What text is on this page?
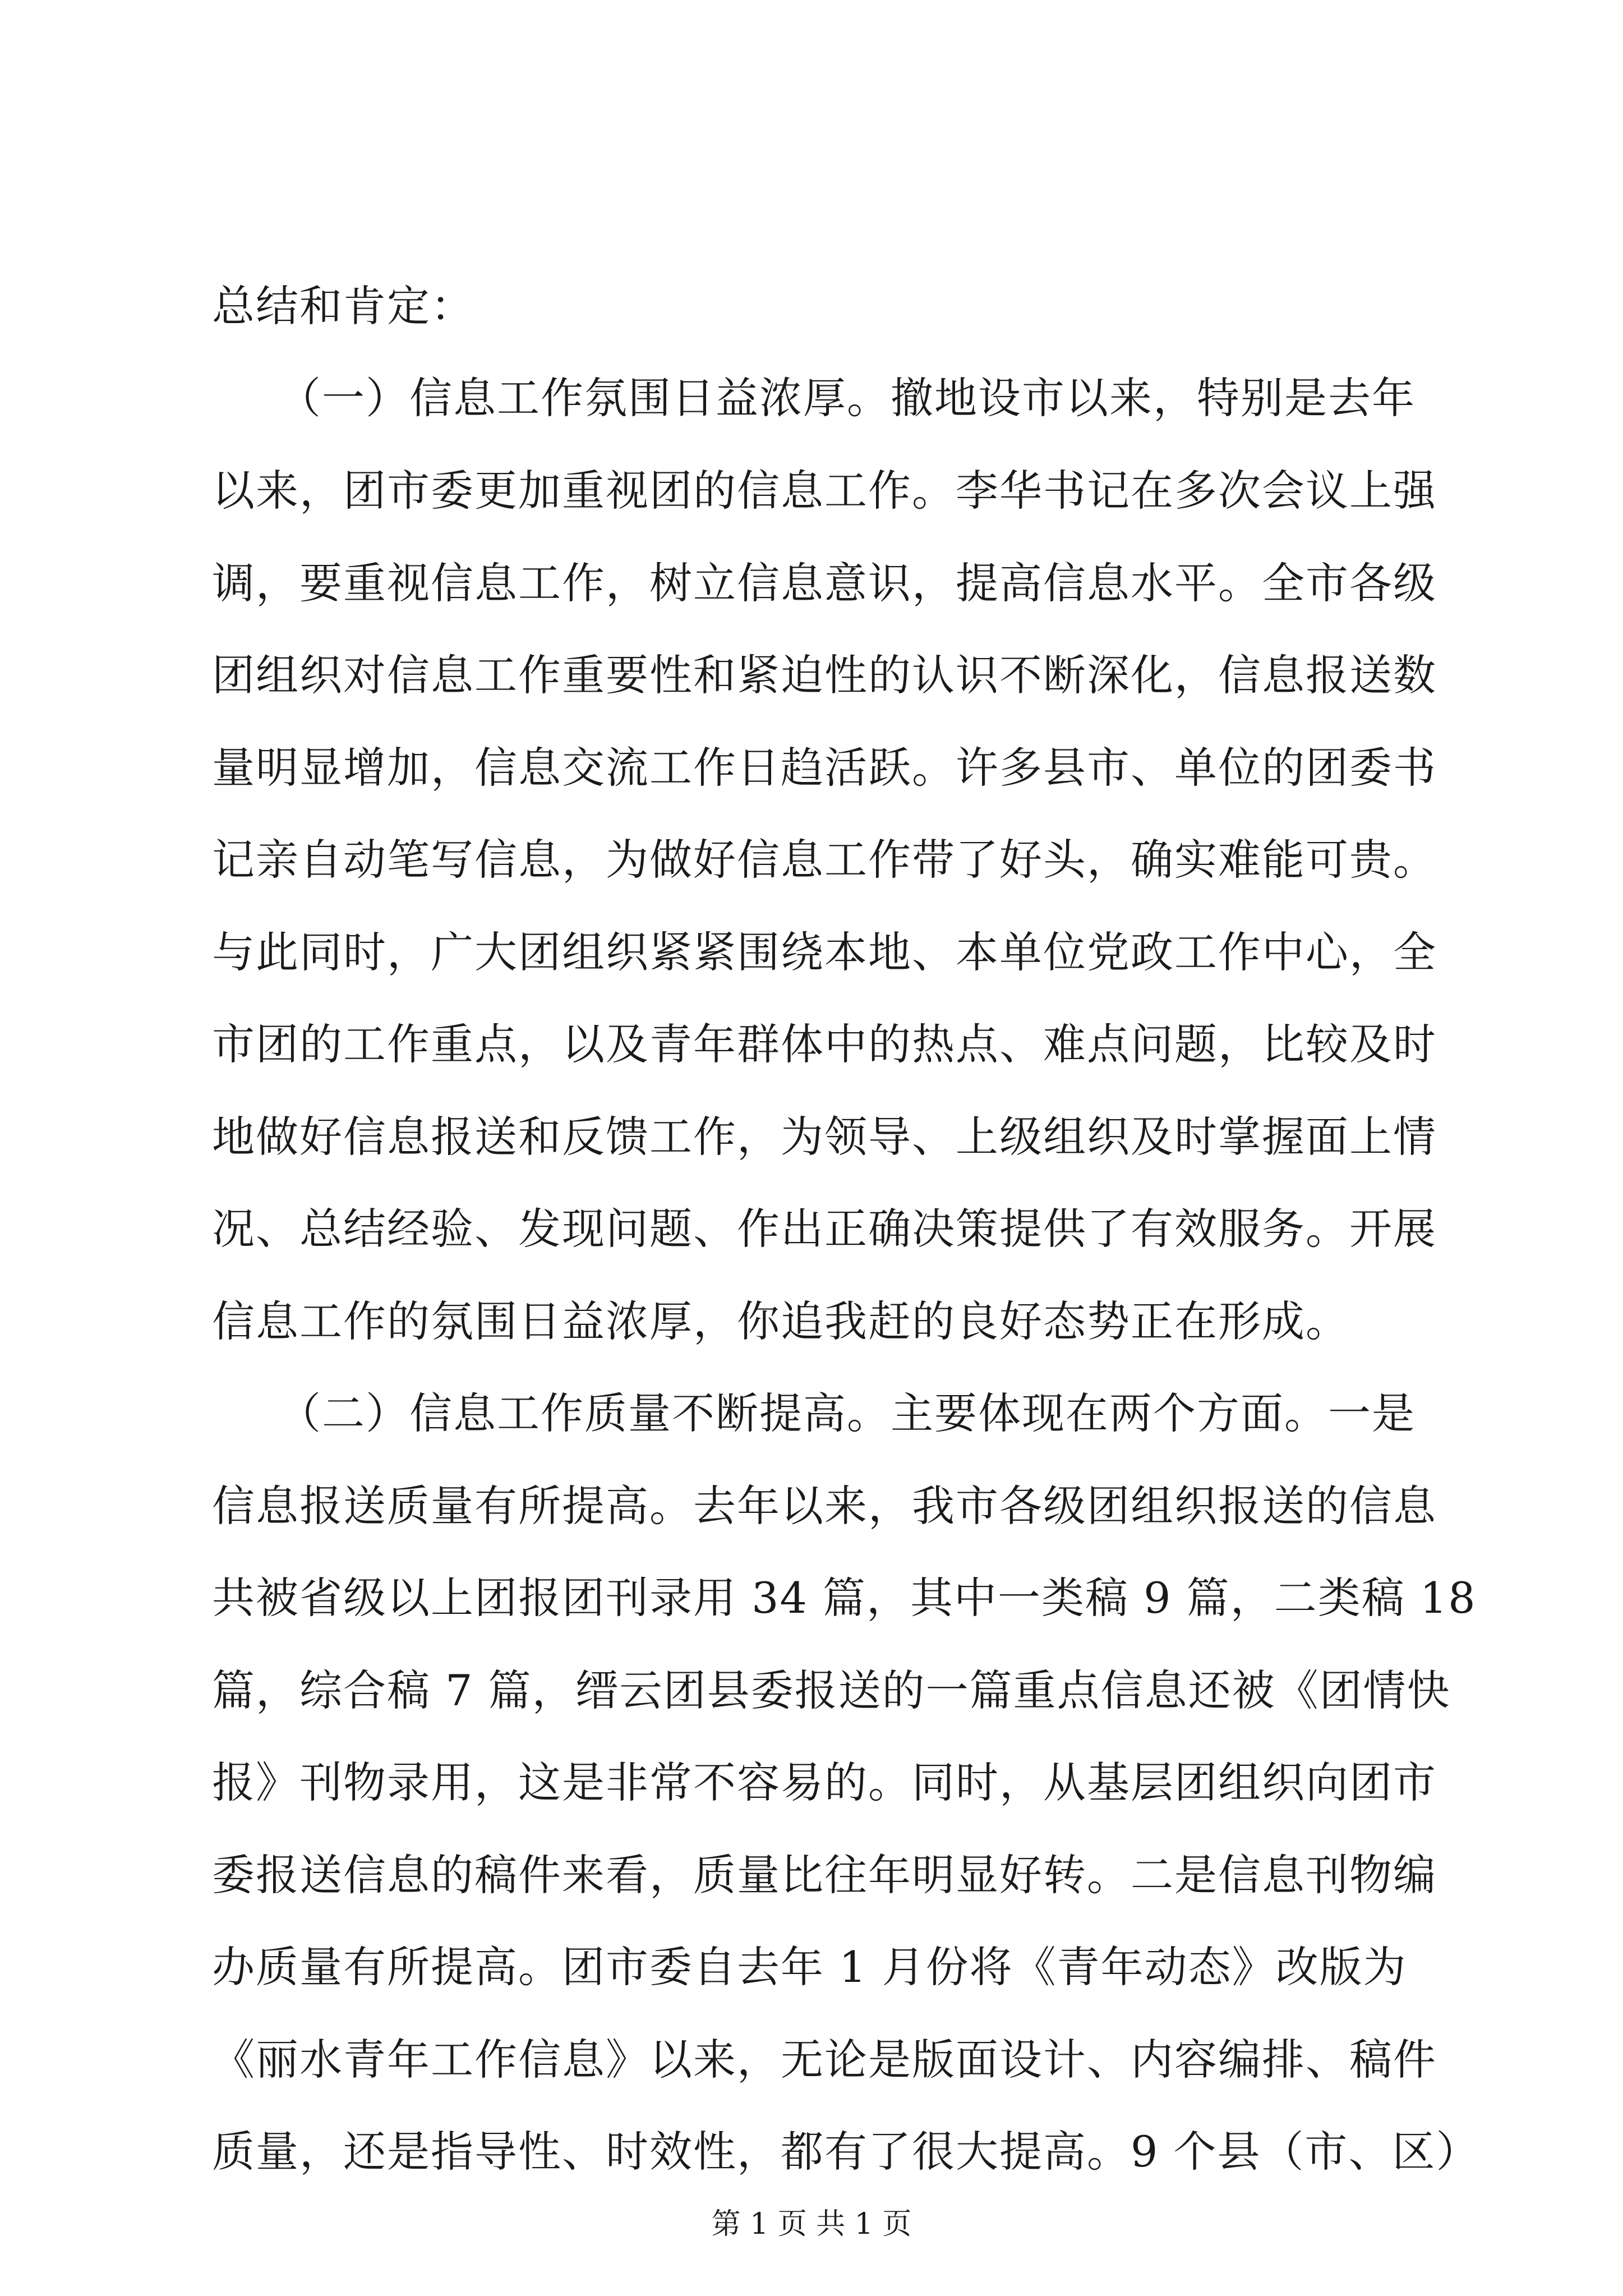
总结和肯定：
　　（一）信息工作氛围日益浓厚。撤地设市以来，特别是去年
以来，团市委更加重视团的信息工作。李华书记在多次会议上强
调，要重视信息工作，树立信息意识，提高信息水平。全市各级
团组织对信息工作重要性和紧迫性的认识不断深化，信息报送数
量明显增加，信息交流工作日趋活跃。许多县市、单位的团委书
记亲自动笔写信息，为做好信息工作带了好头，确实难能可贵。
与此同时，广大团组织紧紧围绕本地、本单位党政工作中心，全
市团的工作重点，以及青年群体中的热点、难点问题，比较及时
地做好信息报送和反馈工作，为领导、上级组织及时掌握面上情
况、总结经验、发现问题、作出正确决策提供了有效服务。开展
信息工作的氛围日益浓厚，你追我赶的良好态势正在形成。
　　（二）信息工作质量不断提高。主要体现在两个方面。一是
信息报送质量有所提高。去年以来，我市各级团组织报送的信息
共被省级以上团报团刊录用 34 篇，其中一类稿 9 篇，二类稿 18
篇，综合稿 7 篇，缙云团县委报送的一篇重点信息还被《团情快
报》刊物录用，这是非常不容易的。同时，从基层团组织向团市
委报送信息的稿件来看，质量比往年明显好转。二是信息刊物编
办质量有所提高。团市委自去年 1 月份将《青年动态》改版为
《丽水青年工作信息》以来，无论是版面设计、内容编排、稿件
质量，还是指导性、时效性，都有了很大提高。9 个县（市、区）
第 1 页 共 1 页
